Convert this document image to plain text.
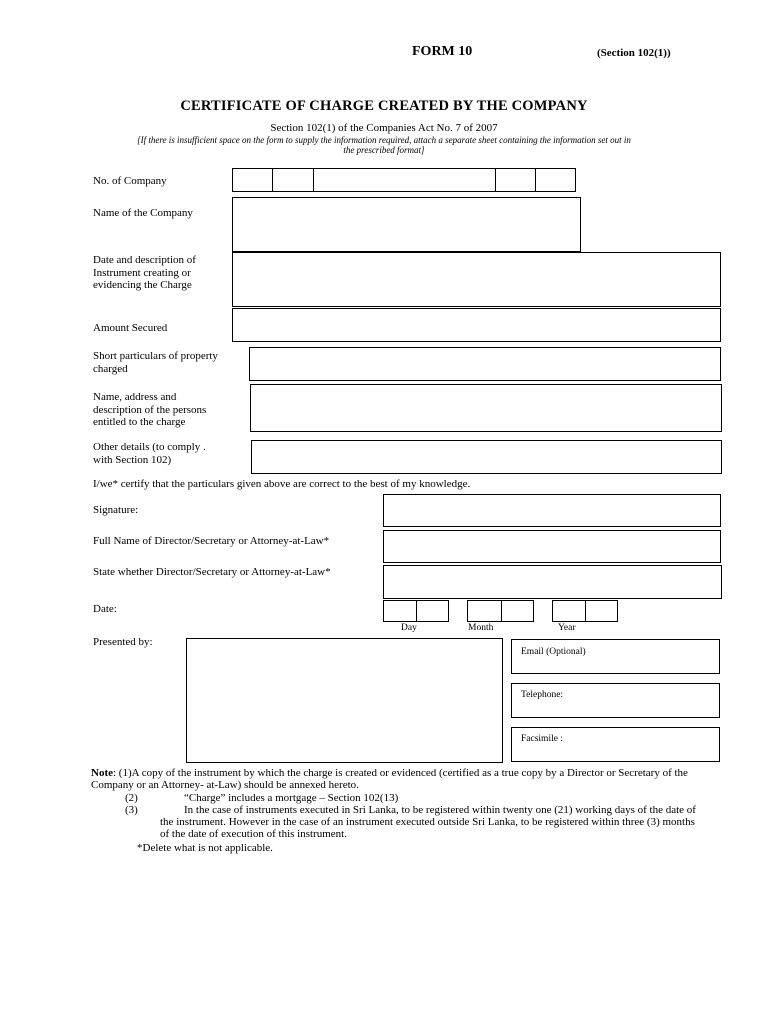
FORM 10	(Section 102(1))
CERTIFICATE OF CHARGE CREATED BY THE COMPANY
Section 102(1) of the Companies Act No. 7 of 2007
[If there is insufficient space on the form to supply the information required, attach a separate sheet containing the information set out in
the prescribed format]
No. of Company
Name of the Company
Date and description of
Instrument creating or
evidencing the Charge
Amount Secured
Short particulars of property
charged
Name, address and
description of the persons
entitled to the charge
Other details (to comply .
with Section 102)
I/we* certify that the particulars given above are correct to the best of my knowledge.
Signature:
Full Name of Director/Secretary or Attorney-at-Law*
State whether Director/Secretary or Attorney-at-Law*
Date:
Day	Month	Year
Presented by:
Email (Optional)
Telephone:
Facsimile :
Note: (1)A copy of the instrument by which the charge is created or evidenced (certified as a true copy by a Director or Secretary of the
Company or an Attorney- at-Law) should be annexed hereto.
(2)	“Charge” includes a mortgage – Section 102(13)
(3)	In the case of instruments executed in Sri Lanka, to be registered within twenty one (21) working days of the date of
the instrument. However in the case of an instrument executed outside Sri Lanka, to be registered within three (3) months
of the date of execution of this instrument.
*Delete what is not applicable.
